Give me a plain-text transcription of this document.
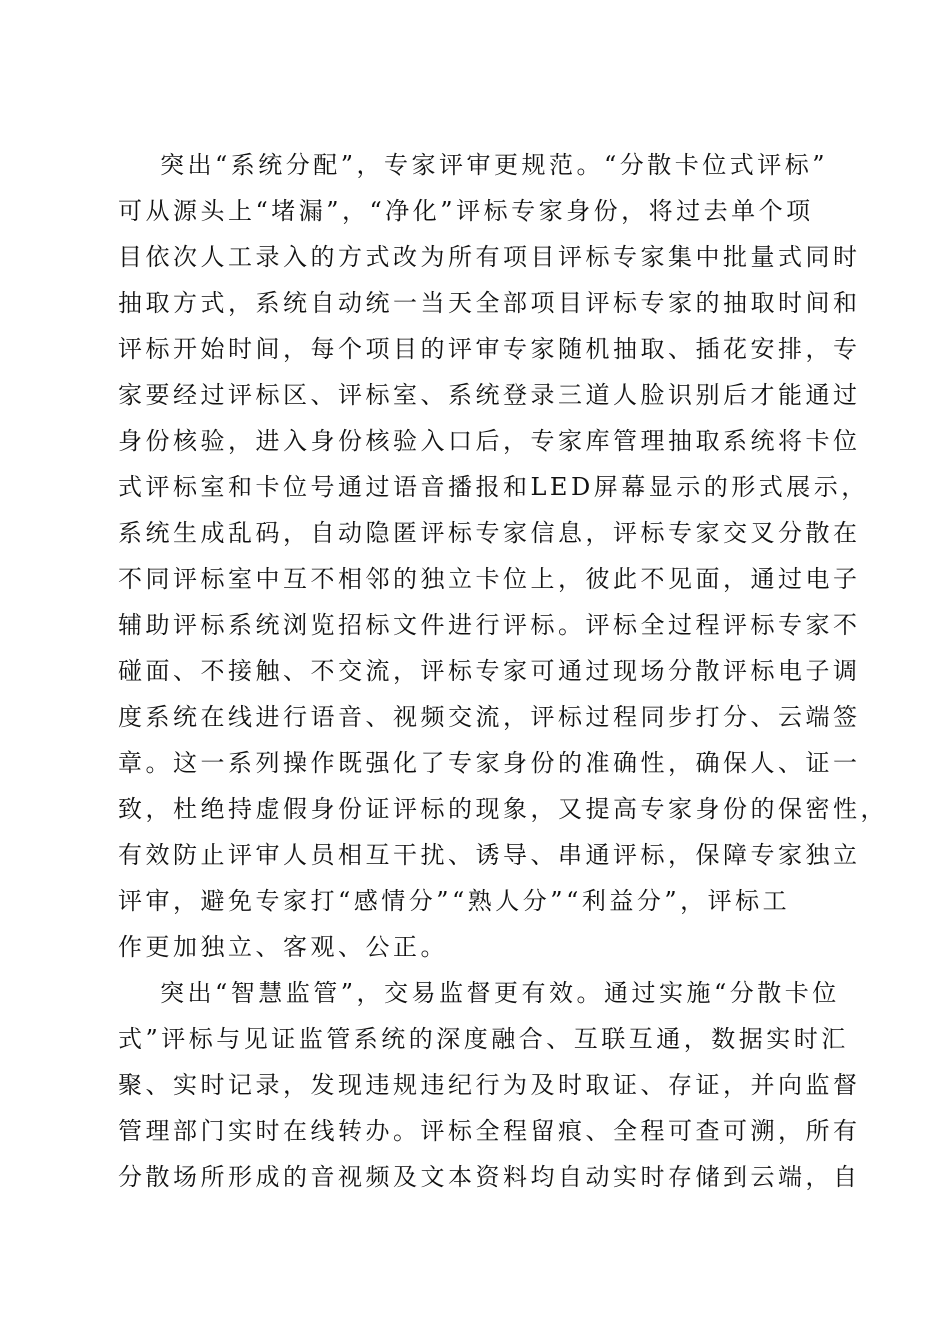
突出“系统分配”，专家评审更规范。“分散卡位式评标”
可从源头上“堵漏”，“净化”评标专家身份，将过去单个项
目依次人工录入的方式改为所有项目评标专家集中批量式同时
抽取方式，系统自动统一当天全部项目评标专家的抽取时间和
评标开始时间，每个项目的评审专家随机抽取、插花安排，专
家要经过评标区、评标室、系统登录三道人脸识别后才能通过
身份核验，进入身份核验入口后，专家库管理抽取系统将卡位
式评标室和卡位号通过语音播报和LED屏幕显示的形式展示，
系统生成乱码，自动隐匿评标专家信息，评标专家交叉分散在
不同评标室中互不相邻的独立卡位上，彼此不见面，通过电子
辅助评标系统浏览招标文件进行评标。评标全过程评标专家不
碰面、不接触、不交流，评标专家可通过现场分散评标电子调
度系统在线进行语音、视频交流，评标过程同步打分、云端签
章。这一系列操作既强化了专家身份的准确性，确保人、证一
致，杜绝持虚假身份证评标的现象，又提高专家身份的保密性，
有效防止评审人员相互干扰、诱导、串通评标，保障专家独立
评审，避免专家打“感情分”“熟人分”“利益分”，评标工
作更加独立、客观、公正。
突出“智慧监管”，交易监督更有效。通过实施“分散卡位
式”评标与见证监管系统的深度融合、互联互通，数据实时汇
聚、实时记录，发现违规违纪行为及时取证、存证，并向监督
管理部门实时在线转办。评标全程留痕、全程可查可溯，所有
分散场所形成的音视频及文本资料均自动实时存储到云端，自
